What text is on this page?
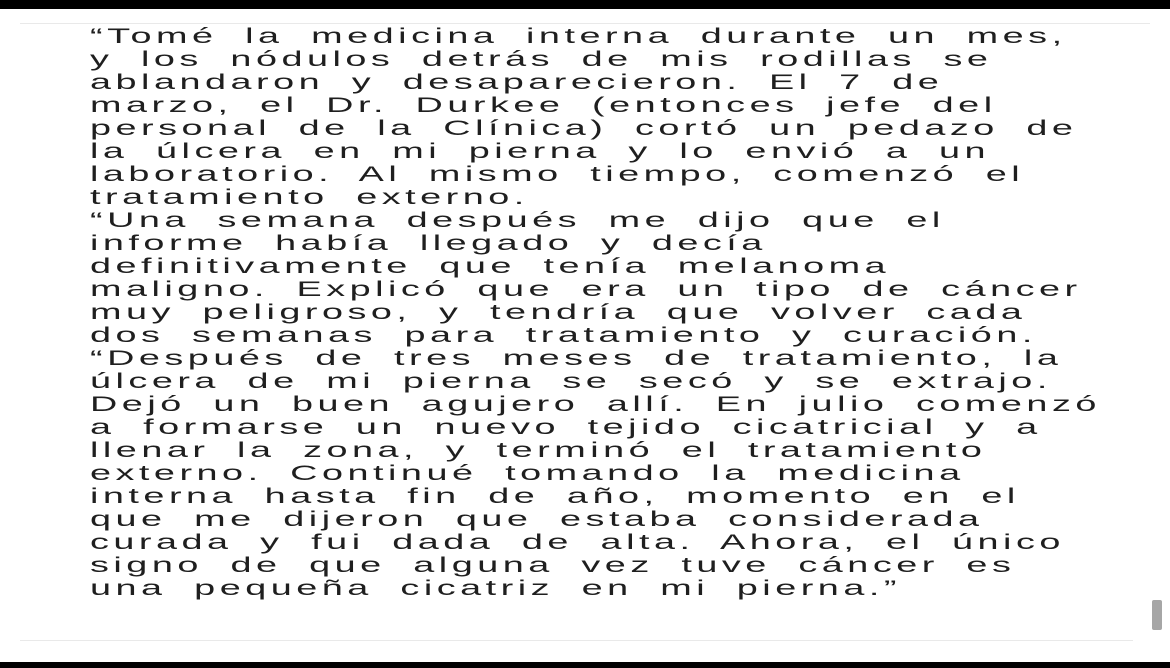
“Tomé la medicina interna durante un mes,
y los nódulos detrás de mis rodillas se
ablandaron y desaparecieron. El 7 de
marzo, el Dr. Durkee (entonces jefe del
personal de la Clínica) cortó un pedazo de
la úlcera en mi pierna y lo envió a un
laboratorio. Al mismo tiempo, comenzó el
tratamiento externo.
“Una semana después me dijo que el
informe había llegado y decía
definitivamente que tenía melanoma
maligno. Explicó que era un tipo de cáncer
muy peligroso, y tendría que volver cada
dos semanas para tratamiento y curación.
“Después de tres meses de tratamiento, la
úlcera de mi pierna se secó y se extrajo.
Dejó un buen agujero allí. En julio comenzó
a formarse un nuevo tejido cicatricial y a
llenar la zona, y terminó el tratamiento
externo. Continué tomando la medicina
interna hasta fin de año, momento en el
que me dijeron que estaba considerada
curada y fui dada de alta. Ahora, el único
signo de que alguna vez tuve cáncer es
una pequeña cicatriz en mi pierna.”
